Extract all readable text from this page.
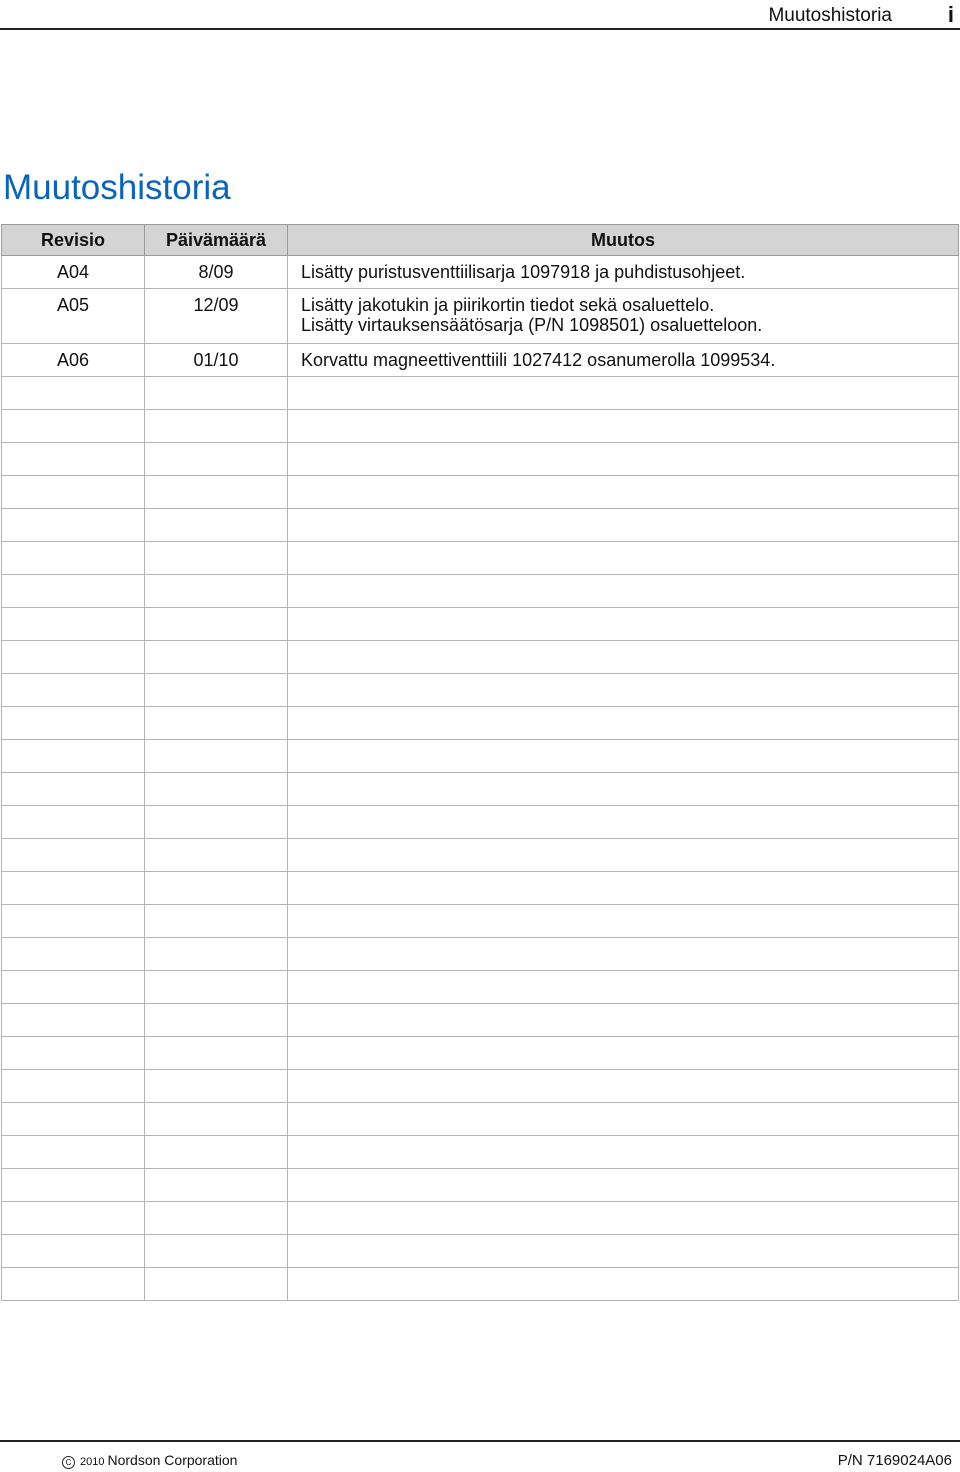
Muutoshistoria	i
Muutoshistoria
Revisio	Päivämäärä	Muutos
A04	8/09	Lisätty puristusventtiilisarja 1097918 ja puhdistusohjeet.

A05	12/09	Lisätty jakotukin ja piirikortin tiedot sekä osaluettelo.
Lisätty virtauksensäätösarja (P/N 1098501) osaluetteloon.

A06	01/10	Korvattu magneettiventtiili 1027412 osanumerolla 1099534.

C 2010 Nordson Corporation	P/N 7169024A06
